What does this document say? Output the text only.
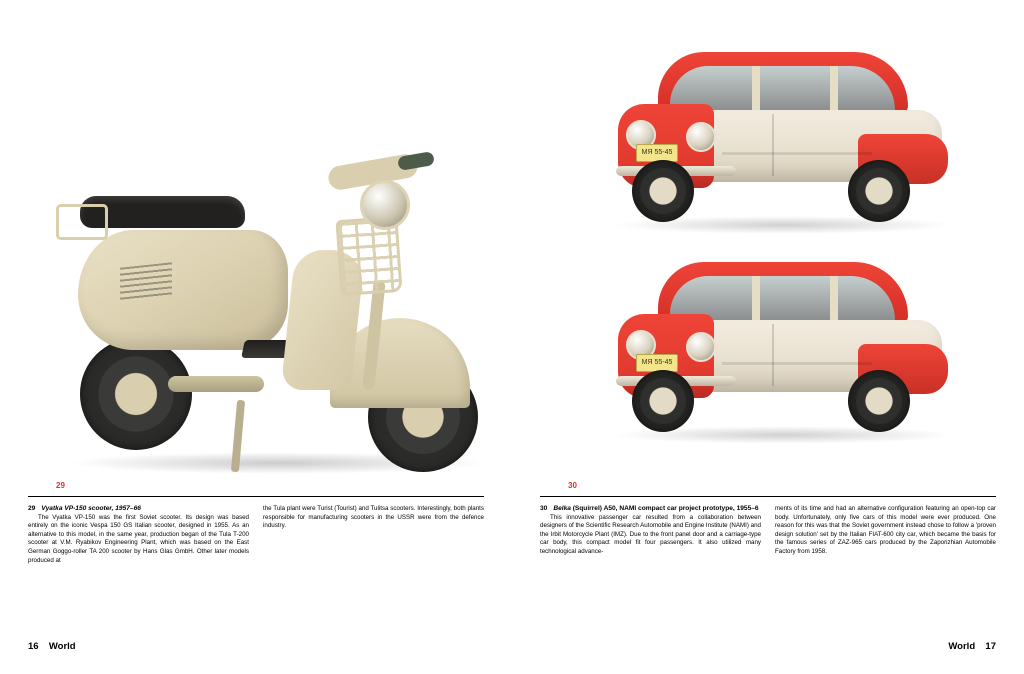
29
29 Vyatka VP-150 scooter, 1957–66
The Vyatka VP-150 was the first Soviet scooter. Its design was based entirely on the iconic Vespa 150 GS Italian scooter, designed in 1955. As an alternative to this model, in the same year, production began of the Tula T-200 scooter at V.M. Ryabikov Engineering Plant, which was based on the East German Goggo-roller TA 200 scooter by Hans Glas GmbH. Other later models produced at
the Tula plant were Turist (Tourist) and Tulitsa scooters. Interestingly, both plants responsible for manufacturing scooters in the USSR were from the defence industry.
16 World
МЯ 55-45
МЯ 55-45
30
30 Belka (Squirrel) A50, NAMI compact car project prototype, 1955–6
This innovative passenger car resulted from a collaboration between designers of the Scientific Research Automobile and Engine Institute (NAMI) and the Irbit Motorcycle Plant (IMZ). Due to the front panel door and a carriage-type car body, this compact model fit four passengers. It also utilized many technological advance-
ments of its time and had an alternative configuration featuring an open-top car body. Unfortunately, only five cars of this model were ever produced. One reason for this was that the Soviet government instead chose to follow a 'proven design solution' set by the Italian FIAT-600 city car, which became the basis for the famous series of ZAZ-965 cars produced by the Zaporizhian Automobile Factory from 1958.
World 17
